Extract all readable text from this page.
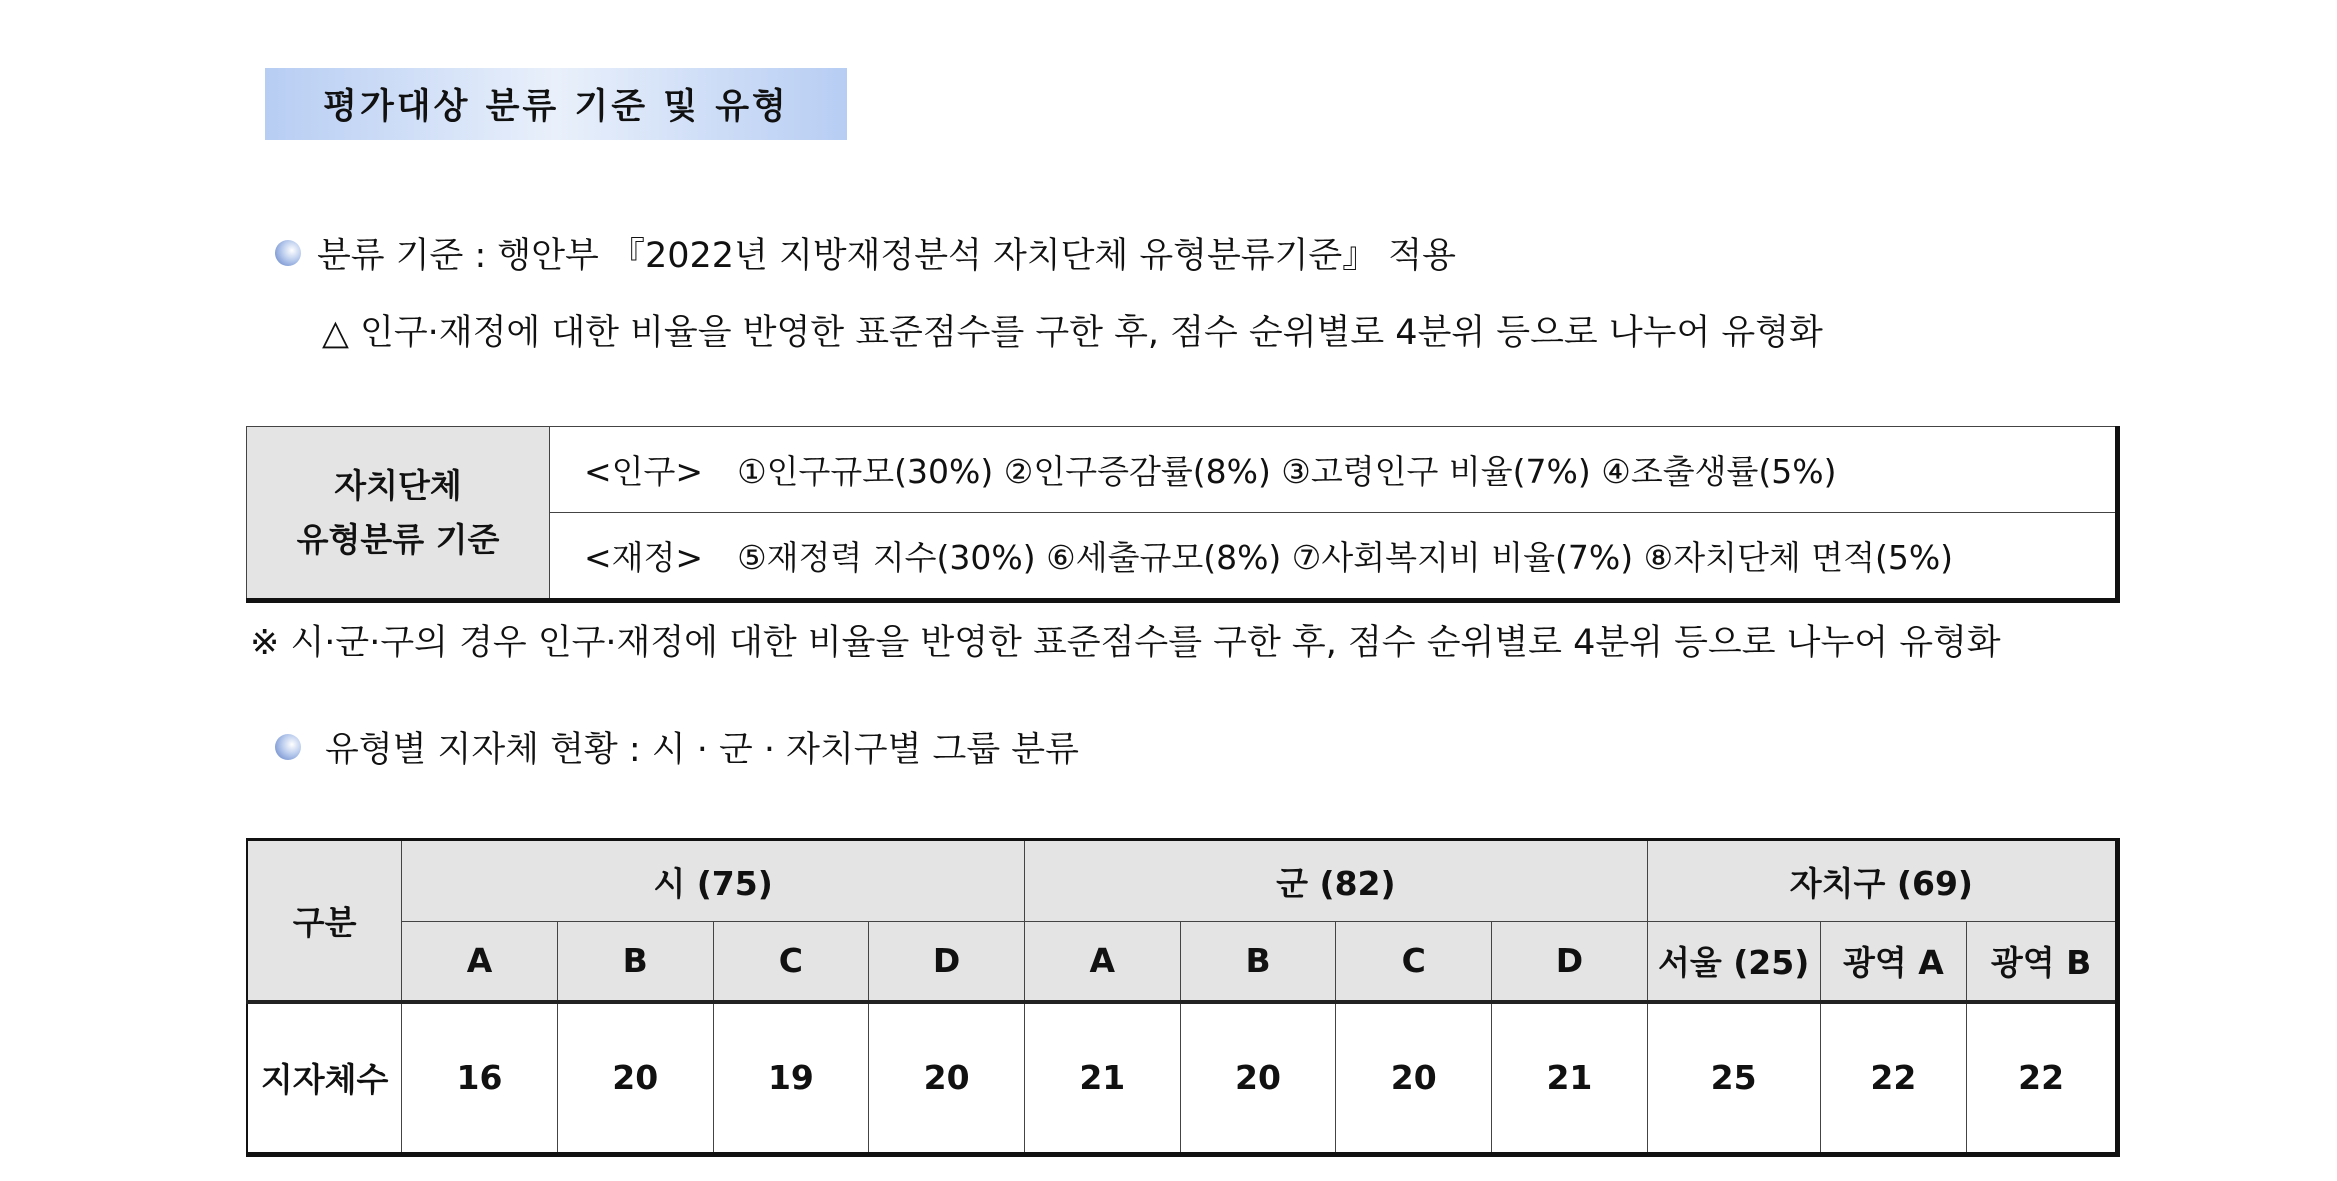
평가대상 분류 기준 및 유형
분류 기준 : 행안부 『2022년 지방재정분석 자치단체 유형분류기준』 적용
△ 인구·재정에 대한 비율을 반영한 표준점수를 구한 후, 점수 순위별로 4분위 등으로 나누어 유형화
자치단체
유형분류 기준
	<인구> ①인구규모(30%) ②인구증감률(8%) ③고령인구 비율(7%) ④조출생률(5%)
<재정> ⑤재정력 지수(30%) ⑥세출규모(8%) ⑦사회복지비 비율(7%) ⑧자치단체 면적(5%)
※ 시·군·구의 경우 인구·재정에 대한 비율을 반영한 표준점수를 구한 후, 점수 순위별로 4분위 등으로 나누어 유형화
유형별 지자체 현황 : 시 · 군 · 자치구별 그룹 분류
구분	시 (75)				군 (82)				자치구 (69)		
	A	B	C	D	A	B	C	D	서울 (25)	광역 A	광역 B
지자체수	16	20	19	20	21	20	20	21	25	22	22
